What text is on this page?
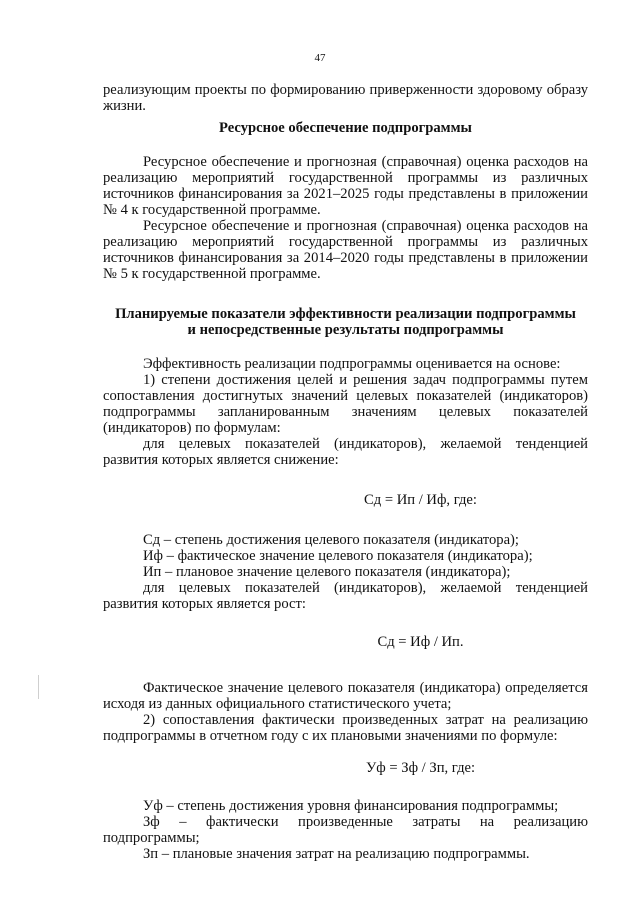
47

реализующим проекты по формированию приверженности здоровому образу жизни.

Ресурсное обеспечение подпрограммы

Ресурсное обеспечение и прогнозная (справочная) оценка расходов на реализацию мероприятий государственной программы из различных источников финансирования за 2021–2025 годы представлены в приложении № 4 к государственной программе.

Ресурсное обеспечение и прогнозная (справочная) оценка расходов на реализацию мероприятий государственной программы из различных источников финансирования за 2014–2020 годы представлены в приложении № 5 к государственной программе.

Планируемые показатели эффективности реализации подпрограммы

и непосредственные результаты подпрограммы

Эффективность реализации подпрограммы оценивается на основе:

1) степени достижения целей и решения задач подпрограммы путем сопоставления достигнутых значений целевых показателей (индикаторов) подпрограммы запланированным значениям целевых показателей (индикаторов) по формулам:

для целевых показателей (индикаторов), желаемой тенденцией развития которых является снижение:

Сд = Ип / Иф, где:

Сд – степень достижения целевого показателя (индикатора);

Иф – фактическое значение целевого показателя (индикатора);

Ип – плановое значение целевого показателя (индикатора);

для целевых показателей (индикаторов), желаемой тенденцией развития которых является рост:

Сд = Иф / Ип.

Фактическое значение целевого показателя (индикатора) определяется исходя из данных официального статистического учета;

2) сопоставления фактически произведенных затрат на реализацию подпрограммы в отчетном году с их плановыми значениями по формуле:

Уф = Зф / Зп, где:

Уф – степень достижения уровня финансирования подпрограммы;

Зф – фактически произведенные затраты на реализацию подпрограммы;

Зп – плановые значения затрат на реализацию подпрограммы.
